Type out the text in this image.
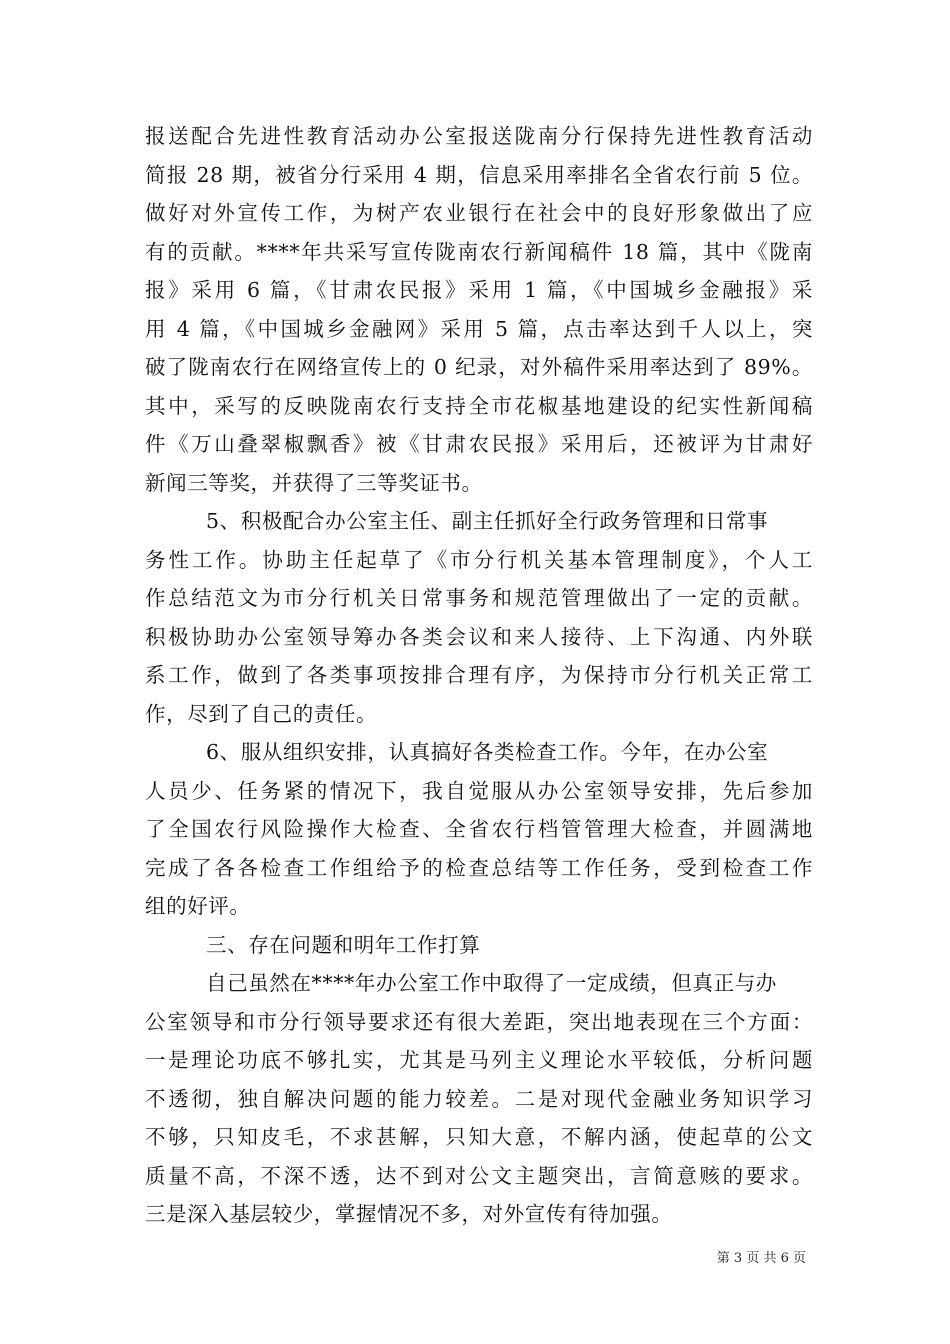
报送配合先进性教育活动办公室报送陇南分行保持先进性教育活动
简报 28 期，被省分行采用 4 期，信息采用率排名全省农行前 5 位。
做好对外宣传工作，为树产农业银行在社会中的良好形象做出了应
有的贡献。****年共采写宣传陇南农行新闻稿件 18 篇，其中《陇南
报》采用 6 篇，《甘肃农民报》采用 1 篇，《中国城乡金融报》采
用 4 篇，《中国城乡金融网》采用 5 篇，点击率达到千人以上，突
破了陇南农行在网络宣传上的 0 纪录，对外稿件采用率达到了 89%。
其中，采写的反映陇南农行支持全市花椒基地建设的纪实性新闻稿
件《万山叠翠椒飘香》被《甘肃农民报》采用后，还被评为甘肃好
新闻三等奖，并获得了三等奖证书。
5、积极配合办公室主任、副主任抓好全行政务管理和日常事
务性工作。协助主任起草了《市分行机关基本管理制度》，个人工
作总结范文为市分行机关日常事务和规范管理做出了一定的贡献。
积极协助办公室领导筹办各类会议和来人接待、上下沟通、内外联
系工作，做到了各类事项按排合理有序，为保持市分行机关正常工
作，尽到了自己的责任。
6、服从组织安排，认真搞好各类检查工作。今年，在办公室
人员少、任务紧的情况下，我自觉服从办公室领导安排，先后参加
了全国农行风险操作大检查、全省农行档管管理大检查，并圆满地
完成了各各检查工作组给予的检查总结等工作任务，受到检查工作
组的好评。
三、存在问题和明年工作打算
自己虽然在****年办公室工作中取得了一定成绩，但真正与办
公室领导和市分行领导要求还有很大差距，突出地表现在三个方面：
一是理论功底不够扎实，尤其是马列主义理论水平较低，分析问题
不透彻，独自解决问题的能力较差。二是对现代金融业务知识学习
不够，只知皮毛，不求甚解，只知大意，不解内涵，使起草的公文
质量不高，不深不透，达不到对公文主题突出，言简意赅的要求。
三是深入基层较少，掌握情况不多，对外宣传有待加强。
第 3 页 共 6 页
